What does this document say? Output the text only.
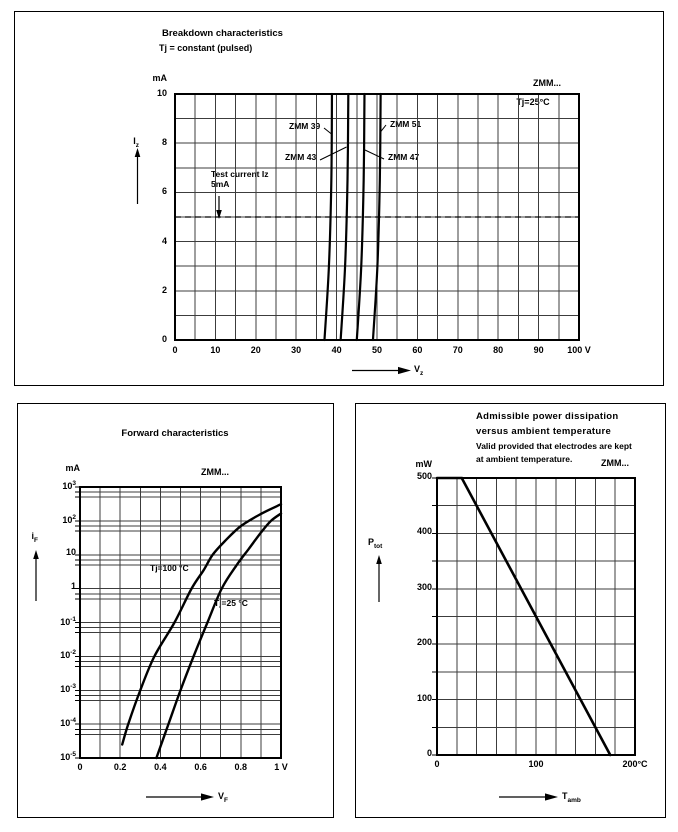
Breakdown characteristics
Tj = constant (pulsed)
mA	ZMM...
Tj=25°C
$I_z$
Test current Iz
5mA
ZMM 39
ZMM 43	ZMM 47
ZMM 51
$V_z$
0	10	20	30	40	50	60	70	80	90	100 V
0
2
4
6
8
10
Forward characteristics
mA	ZMM...
$i_F$
Tj=100 °C
Tj=25 °C
$V_F$
0	0.2	0.4	0.6	0.8	1 V
$10^3$
$10^2$
10
1
$10^{-1}$
$10^{-2}$
$10^{-3}$
$10^{-4}$
$10^{-5}$
Admissible power dissipation
versus ambient temperature
Valid provided that electrodes are kept
at ambient temperature.
mW	ZMM...
$P_{tot}$
$T_{amb}$
0	100	200°C
0
100
200
300
400
500
